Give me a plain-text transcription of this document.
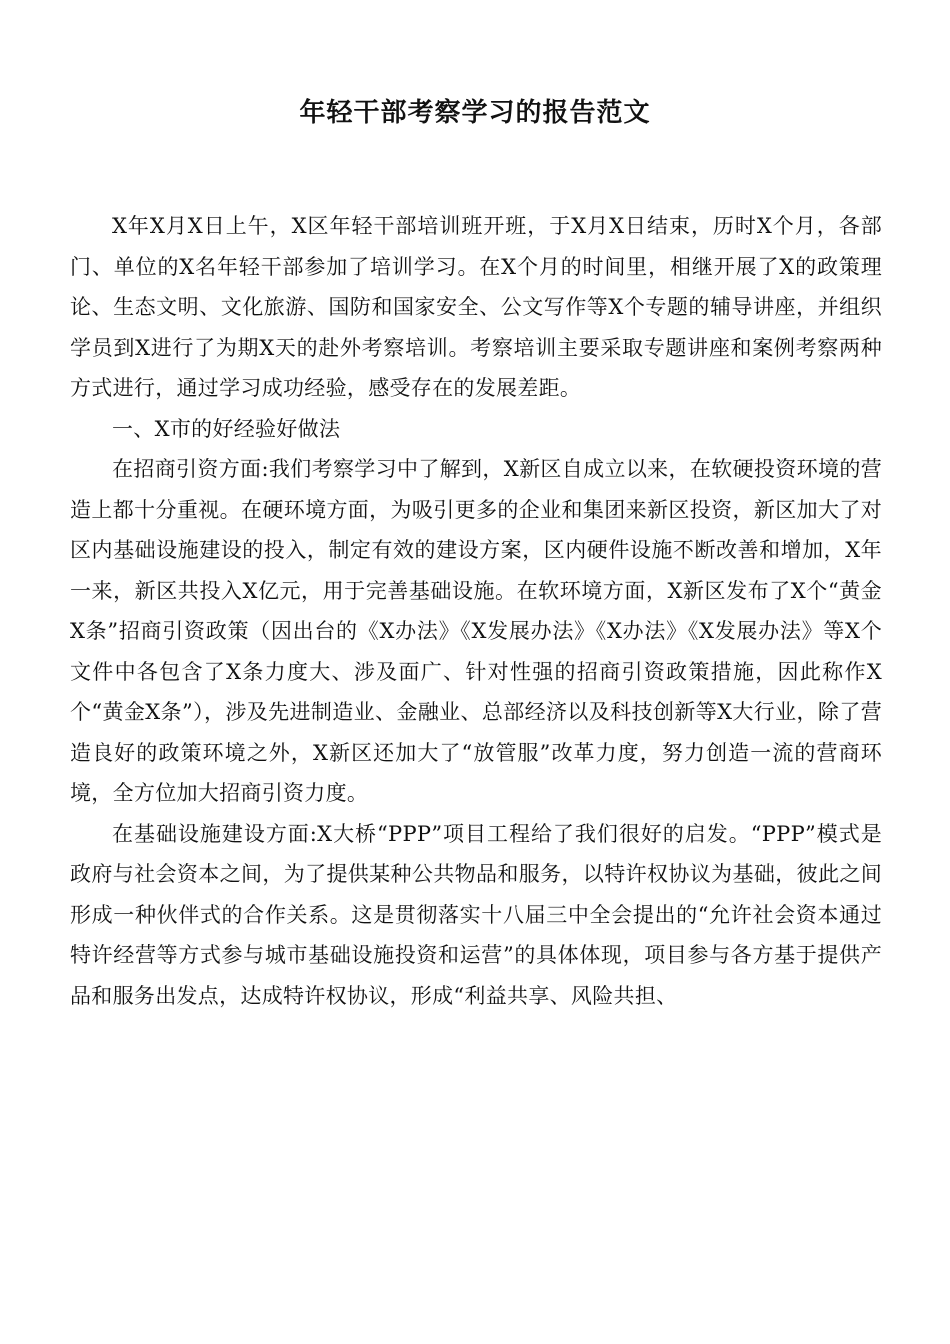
年轻干部考察学习的报告范文

X年X月X日上午，X区年轻干部培训班开班，于X月X日结束，历时X个月，各部门、单位的X名年轻干部参加了培训学习。在X个月的时间里，相继开展了X的政策理论、生态文明、文化旅游、国防和国家安全、公文写作等X个专题的辅导讲座，并组织学员到X进行了为期X天的赴外考察培训。考察培训主要采取专题讲座和案例考察两种方式进行，通过学习成功经验，感受存在的发展差距。

一、X市的好经验好做法

在招商引资方面:我们考察学习中了解到，X新区自成立以来，在软硬投资环境的营造上都十分重视。在硬环境方面，为吸引更多的企业和集团来新区投资，新区加大了对区内基础设施建设的投入，制定有效的建设方案，区内硬件设施不断改善和增加，X年一来，新区共投入X亿元，用于完善基础设施。在软环境方面，X新区发布了X个“黄金X条”招商引资政策（因出台的《X办法》《X发展办法》《X办法》《X发展办法》等X个文件中各包含了X条力度大、涉及面广、针对性强的招商引资政策措施，因此称作X个“黄金X条”），涉及先进制造业、金融业、总部经济以及科技创新等X大行业，除了营造良好的政策环境之外，X新区还加大了“放管服”改革力度，努力创造一流的营商环境，全方位加大招商引资力度。

在基础设施建设方面:X大桥“PPP”项目工程给了我们很好的启发。“PPP”模式是政府与社会资本之间，为了提供某种公共物品和服务，以特许权协议为基础，彼此之间形成一种伙伴式的合作关系。这是贯彻落实十八届三中全会提出的“允许社会资本通过特许经营等方式参与城市基础设施投资和运营”的具体体现，项目参与各方基于提供产品和服务出发点，达成特许权协议，形成“利益共享、风险共担、
